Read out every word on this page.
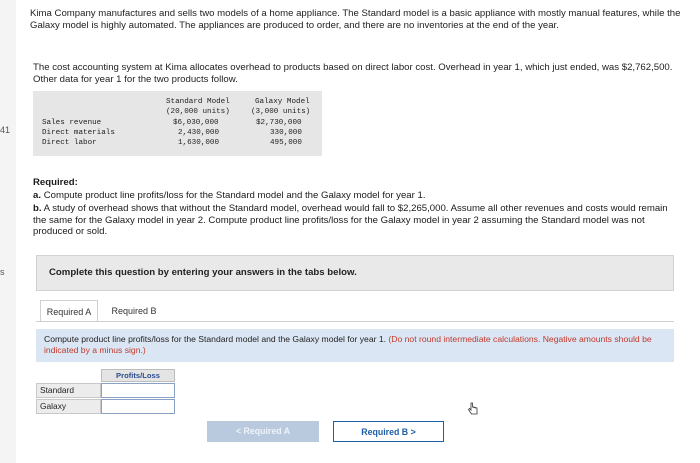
41
s
Kima Company manufactures and sells two models of a home appliance. The Standard model is a basic appliance with mostly manual features, while the Galaxy model is highly automated. The appliances are produced to order, and there are no inventories at the end of the year.
The cost accounting system at Kima allocates overhead to products based on direct labor cost. Overhead in year 1, which just ended, was $2,762,500. Other data for year 1 for the two products follow.
Standard Model
(20,000 units)
Galaxy Model
(3,000 units)
Sales revenue
Direct materials
Direct labor
$6,030,000
2,430,000
1,630,000
$2,730,000
330,000
495,000
Required:
a. Compute product line profits/loss for the Standard model and the Galaxy model for year 1.
b. A study of overhead shows that without the Standard model, overhead would fall to $2,265,000. Assume all other revenues and costs would remain the same for the Galaxy model in year 2. Compute product line profits/loss for the Galaxy model in year 2 assuming the Standard model was not produced or sold.
Complete this question by entering your answers in the tabs below.
Required A	Required B
Compute product line profits/loss for the Standard model and the Galaxy model for year 1. (Do not round intermediate calculations. Negative amounts should be indicated by a minus sign.)
Profits/Loss
Standard
Galaxy
< Required A	Required B >
